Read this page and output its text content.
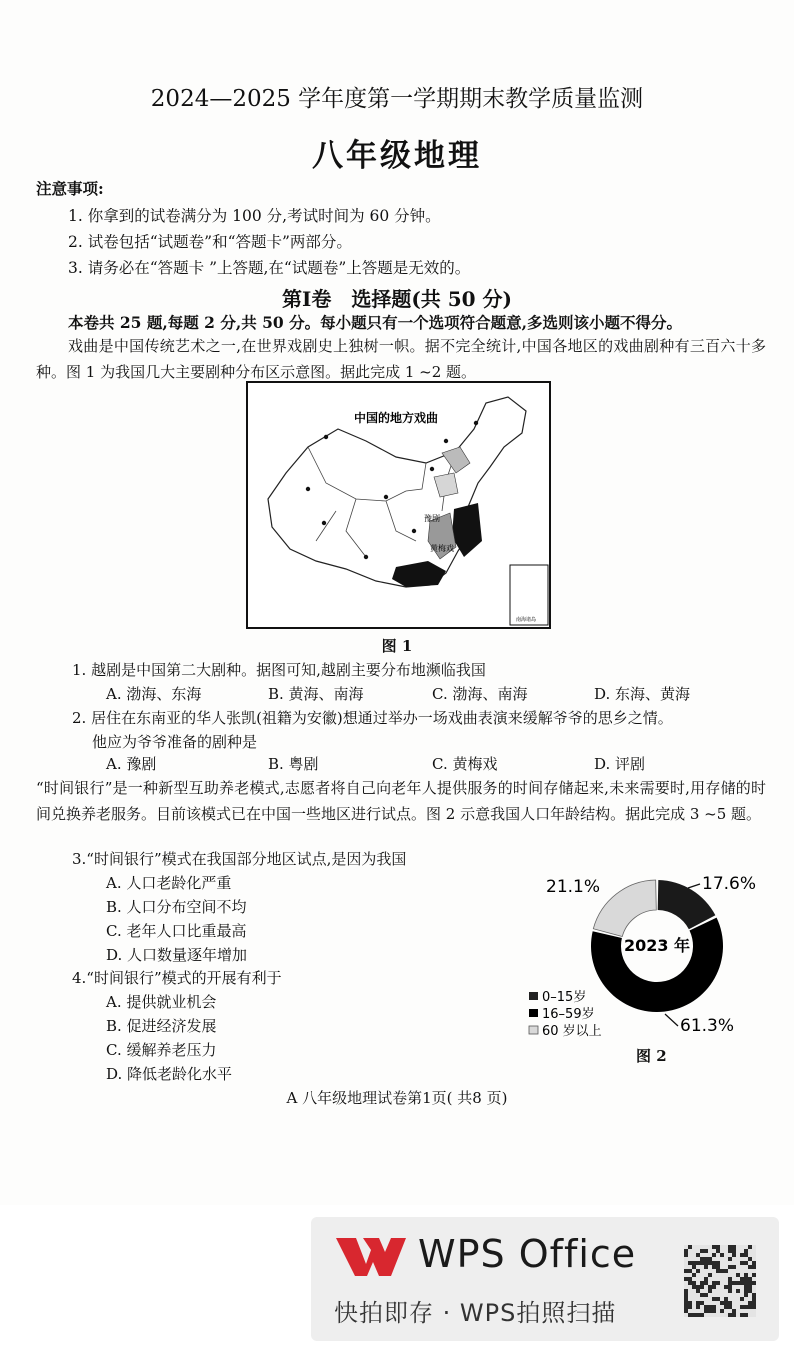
2024—2025 学年度第一学期期末教学质量监测
八年级地理
注意事项:
1. 你拿到的试卷满分为 100 分,考试时间为 60 分钟。
2. 试卷包括“试题卷”和“答题卡”两部分。
3. 请务必在“答题卡 ”上答题,在“试题卷”上答题是无效的。
第Ⅰ卷　选择题(共 50 分)
本卷共 25 题,每题 2 分,共 50 分。每小题只有一个选项符合题意,多选则该小题不得分。
戏曲是中国传统艺术之一,在世界戏剧史上独树一帜。据不完全统计,中国各地区的戏曲剧种有三百六十多种。图 1 为我国几大主要剧种分布区示意图。据此完成 1 ~2 题。
中国的地方戏曲
豫剧
黄梅戏
南海诸岛
图 1
1. 越剧是中国第二大剧种。据图可知,越剧主要分布地濒临我国
A. 渤海、东海	B. 黄海、南海	C. 渤海、南海	D. 东海、黄海
2. 居住在东南亚的华人张凯(祖籍为安徽)想通过举办一场戏曲表演来缓解爷爷的思乡之情。
他应为爷爷准备的剧种是
A. 豫剧	B. 粤剧	C. 黄梅戏	D. 评剧
“时间银行”是一种新型互助养老模式,志愿者将自己向老年人提供服务的时间存储起来,未来需要时,用存储的时间兑换养老服务。目前该模式已在中国一些地区进行试点。图 2 示意我国人口年龄结构。据此完成 3 ~5 题。
3.“时间银行”模式在我国部分地区试点,是因为我国
A. 人口老龄化严重
B. 人口分布空间不均
C. 老年人口比重最高
D. 人口数量逐年增加
4.“时间银行”模式的开展有利于
A. 提供就业机会
B. 促进经济发展
C. 缓解养老压力
D. 降低老龄化水平
2023 年
21.1%	17.6%
61.3%
0–15岁
16–59岁
60 岁以上
图 2
A 八年级地理试卷第1页( 共8 页)
WPS Office
快拍即存 · WPS拍照扫描
